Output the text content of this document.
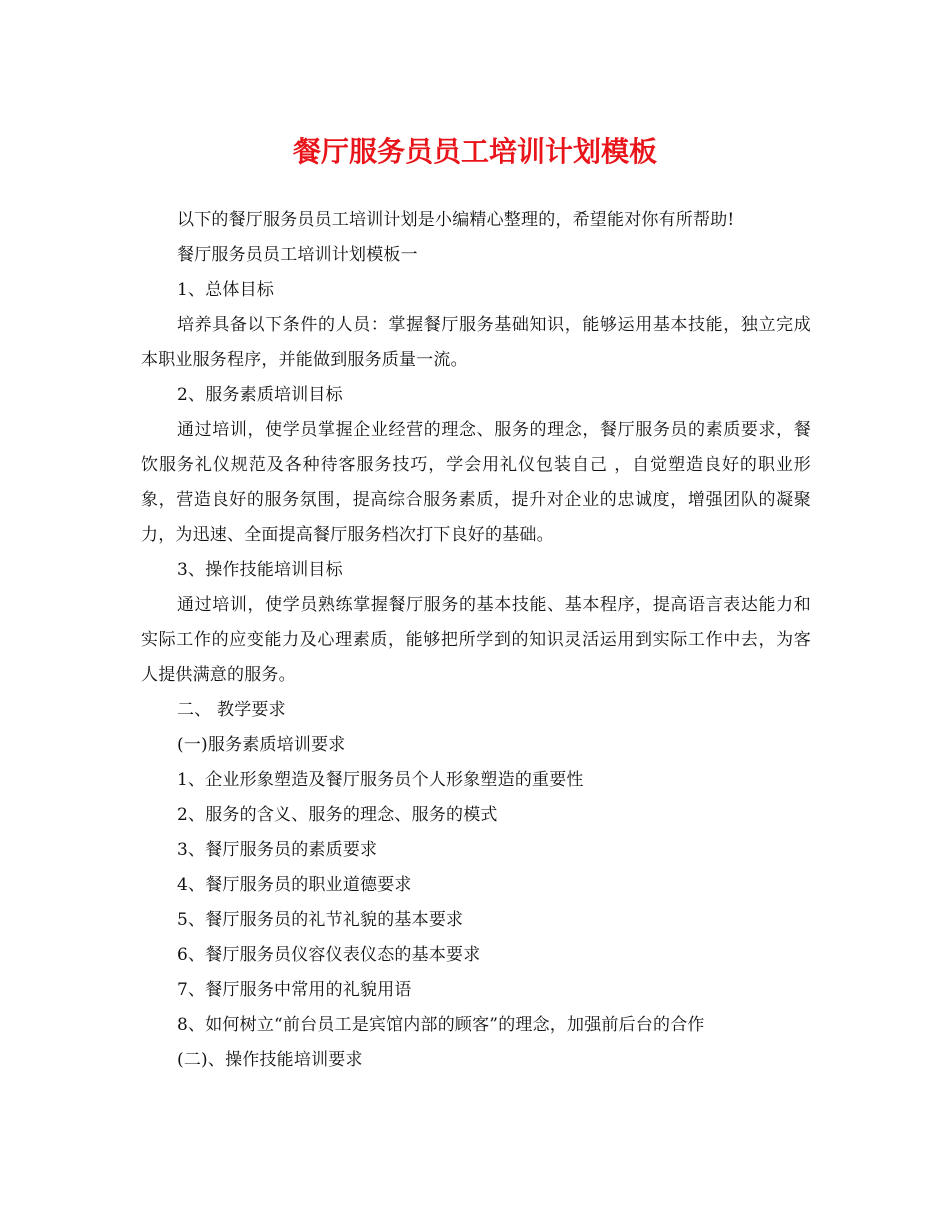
餐厅服务员员工培训计划模板

以下的餐厅服务员员工培训计划是小编精心整理的，希望能对你有所帮助!

餐厅服务员员工培训计划模板一

1、总体目标

培养具备以下条件的人员：掌握餐厅服务基础知识，能够运用基本技能，独立完成本职业服务程序，并能做到服务质量一流。

2、服务素质培训目标

通过培训，使学员掌握企业经营的理念、服务的理念，餐厅服务员的素质要求，餐饮服务礼仪规范及各种待客服务技巧，学会用礼仪包装自己 ，自觉塑造良好的职业形象，营造良好的服务氛围，提高综合服务素质，提升对企业的忠诚度，增强团队的凝聚力，为迅速、全面提高餐厅服务档次打下良好的基础。

3、操作技能培训目标

通过培训，使学员熟练掌握餐厅服务的基本技能、基本程序，提高语言表达能力和实际工作的应变能力及心理素质，能够把所学到的知识灵活运用到实际工作中去，为客人提供满意的服务。

二、 教学要求

(一)服务素质培训要求

1、企业形象塑造及餐厅服务员个人形象塑造的重要性

2、服务的含义、服务的理念、服务的模式

3、餐厅服务员的素质要求

4、餐厅服务员的职业道德要求

5、餐厅服务员的礼节礼貌的基本要求

6、餐厅服务员仪容仪表仪态的基本要求

7、餐厅服务中常用的礼貌用语

8、如何树立“前台员工是宾馆内部的顾客”的理念，加强前后台的合作

(二)、操作技能培训要求
